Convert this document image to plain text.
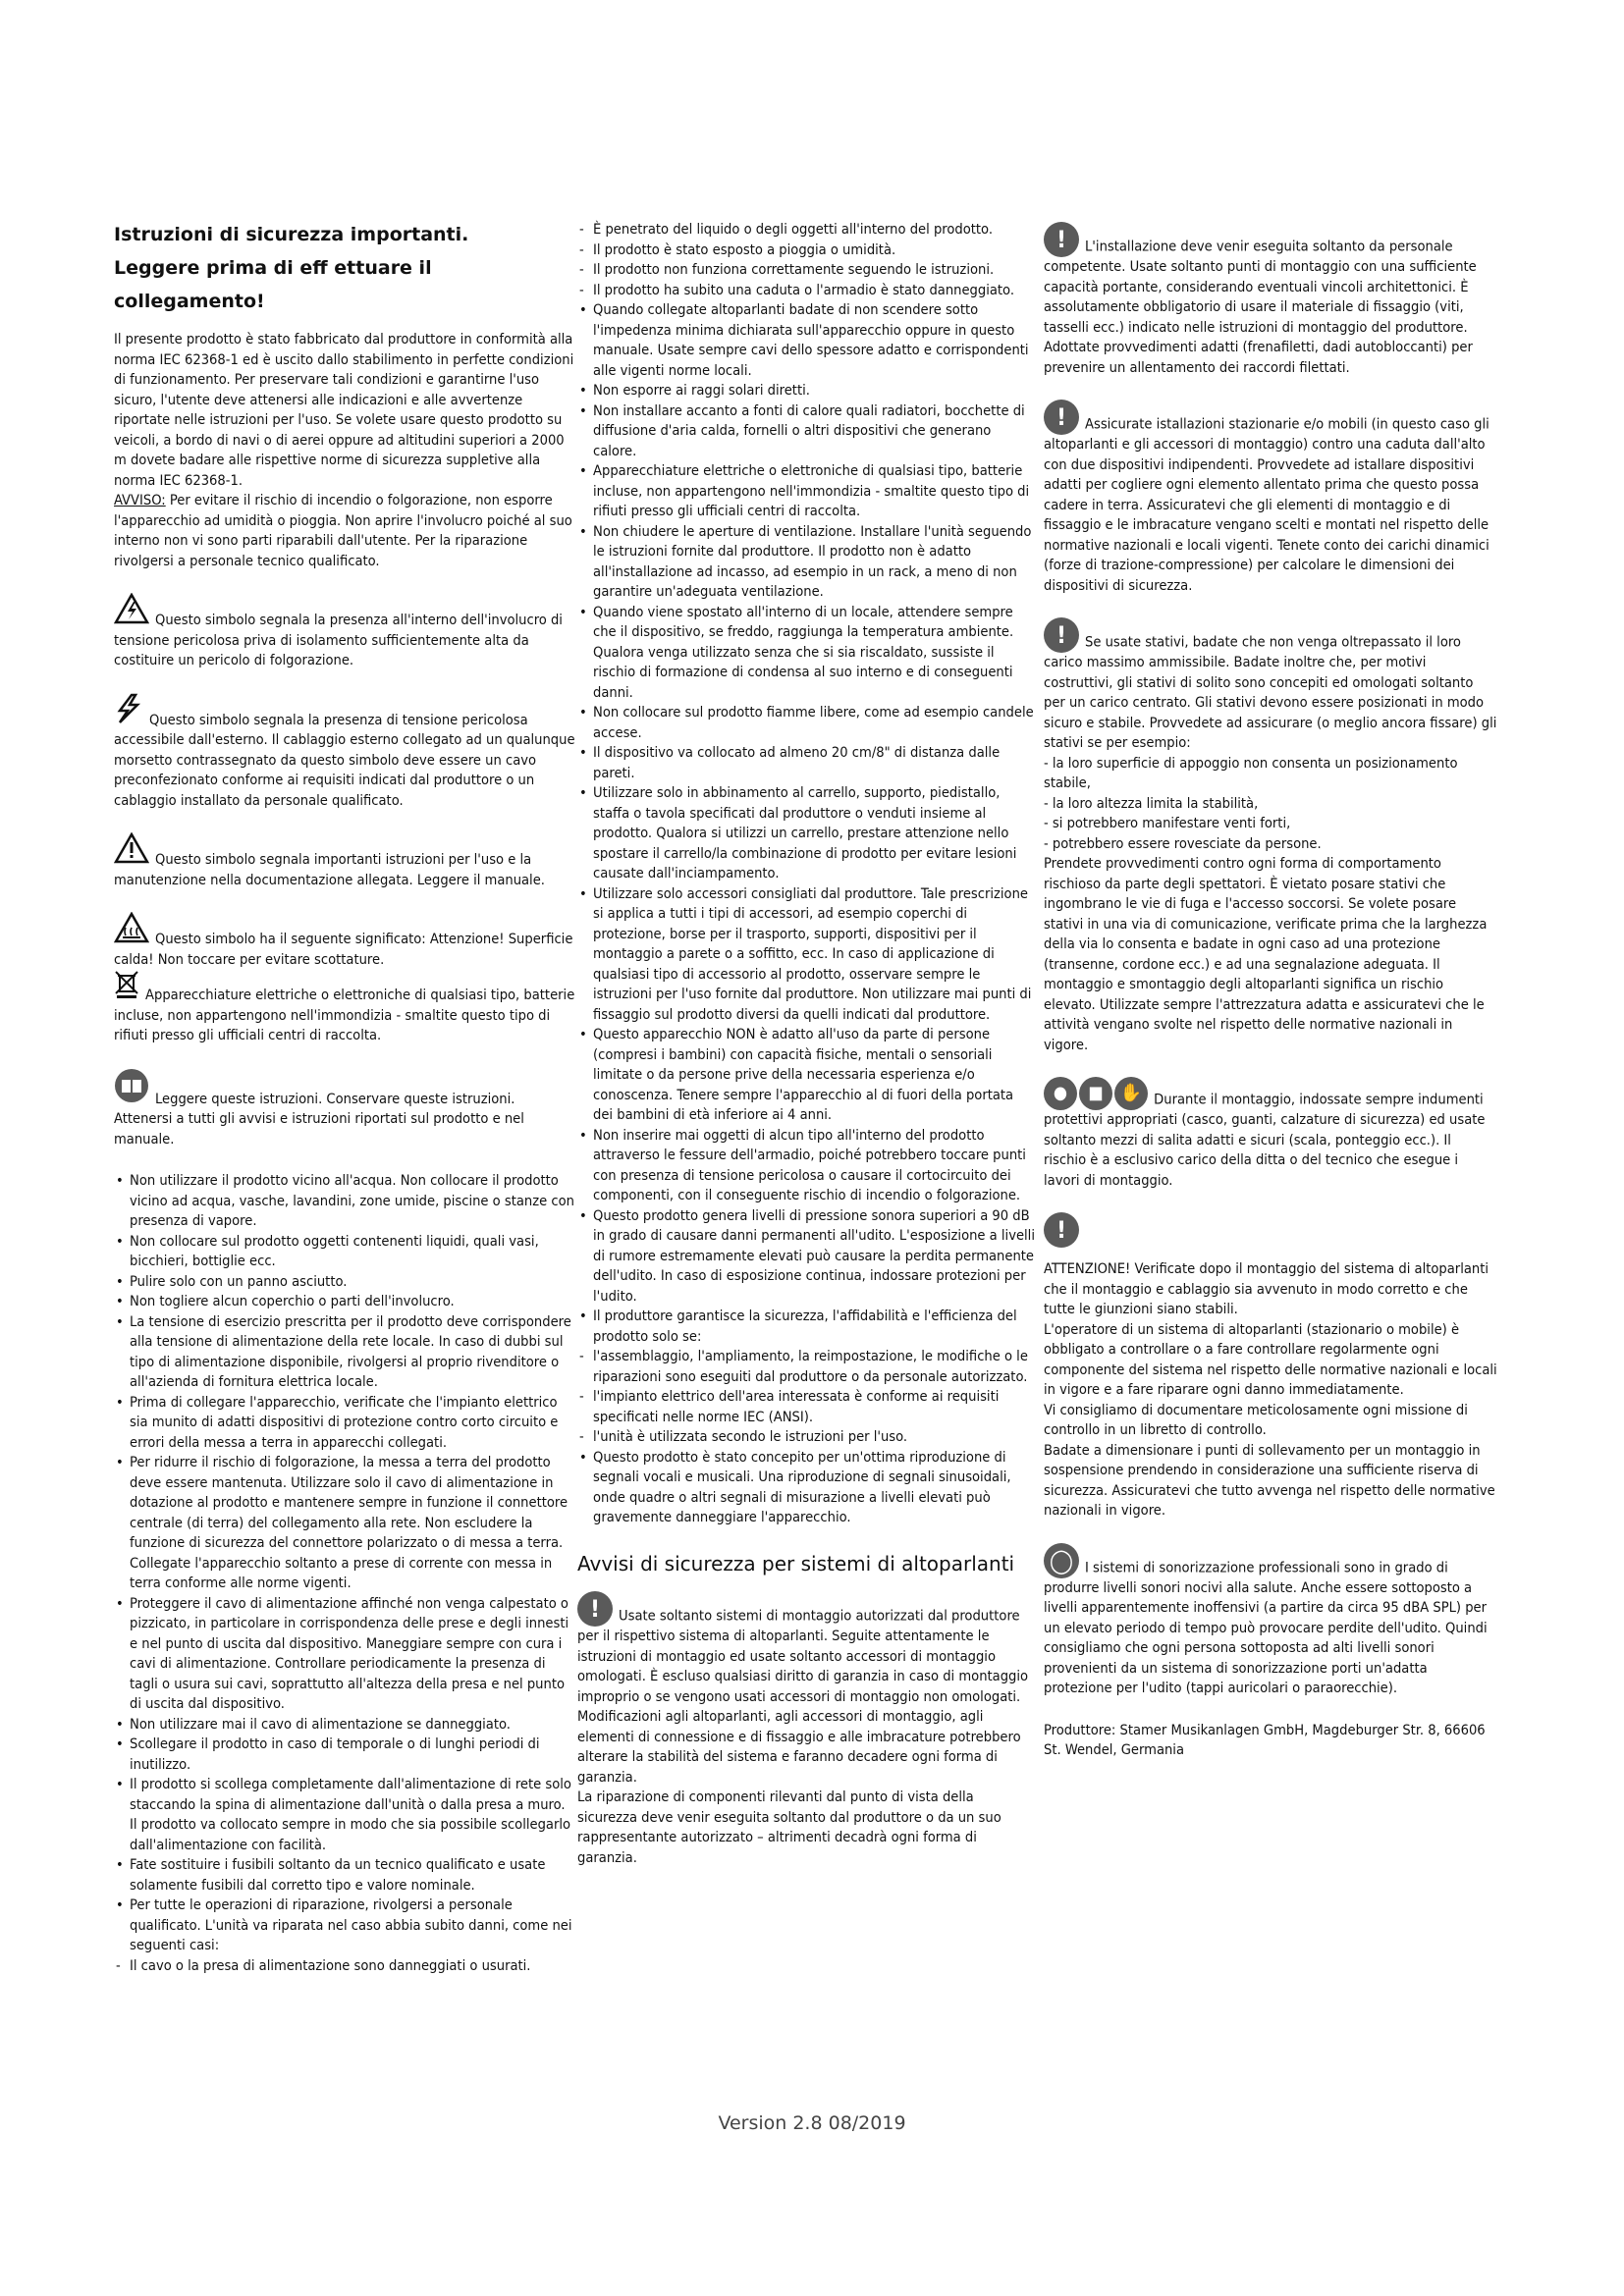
Istruzioni di sicurezza importanti.
Leggere prima di eff ettuare il collegamento!

Il presente prodotto è stato fabbricato dal produttore in conformità alla norma IEC 62368-1 ed è uscito dallo stabilimento in perfette condizioni di funzionamento. Per preservare tali condizioni e garantirne l'uso sicuro, l'utente deve attenersi alle indicazioni e alle avvertenze riportate nelle istruzioni per l'uso. Se volete usare questo prodotto su veicoli, a bordo di navi o di aerei oppure ad altitudini superiori a 2000 m dovete badare alle rispettive norme di sicurezza suppletive alla norma IEC 62368-1.

AVVISO: Per evitare il rischio di incendio o folgorazione, non esporre l'apparecchio ad umidità o pioggia. Non aprire l'involucro poiché al suo interno non vi sono parti riparabili dall'utente. Per la riparazione rivolgersi a personale tecnico qualificato.

Questo simbolo segnala la presenza all'interno dell'involucro di tensione pericolosa priva di isolamento sufficientemente alta da costituire un pericolo di folgorazione.

Questo simbolo segnala la presenza di tensione pericolosa accessibile dall'esterno. Il cablaggio esterno collegato ad un qualunque morsetto contrassegnato da questo simbolo deve essere un cavo preconfezionato conforme ai requisiti indicati dal produttore o un cablaggio installato da personale qualificato.

Questo simbolo segnala importanti istruzioni per l'uso e la manutenzione nella documentazione allegata. Leggere il manuale.

Questo simbolo ha il seguente significato: Attenzione! Superficie calda! Non toccare per evitare scottature.

Apparecchiature elettriche o elettroniche di qualsiasi tipo, batterie incluse, non appartengono nell'immondizia - smaltite questo tipo di rifiuti presso gli ufficiali centri di raccolta.

Leggere queste istruzioni. Conservare queste istruzioni. Attenersi a tutti gli avvisi e istruzioni riportati sul prodotto e nel manuale.

• Non utilizzare il prodotto vicino all'acqua. Non collocare il prodotto vicino ad acqua, vasche, lavandini, zone umide, piscine o stanze con presenza di vapore.
• Non collocare sul prodotto oggetti contenenti liquidi, quali vasi, bicchieri, bottiglie ecc.
• Pulire solo con un panno asciutto.
• Non togliere alcun coperchio o parti dell'involucro.
• La tensione di esercizio prescritta per il prodotto deve corrispondere alla tensione di alimentazione della rete locale. In caso di dubbi sul tipo di alimentazione disponibile, rivolgersi al proprio rivenditore o all'azienda di fornitura elettrica locale.
• Prima di collegare l'apparecchio, verificate che l'impianto elettrico sia munito di adatti dispositivi di protezione contro corto circuito e errori della messa a terra in apparecchi collegati.
• Per ridurre il rischio di folgorazione, la messa a terra del prodotto deve essere mantenuta. Utilizzare solo il cavo di alimentazione in dotazione al prodotto e mantenere sempre in funzione il connettore centrale (di terra) del collegamento alla rete. Non escludere la funzione di sicurezza del connettore polarizzato o di messa a terra. Collegate l'apparecchio soltanto a prese di corrente con messa in terra conforme alle norme vigenti.
• Proteggere il cavo di alimentazione affinché non venga calpestato o pizzicato, in particolare in corrispondenza delle prese e degli innesti e nel punto di uscita dal dispositivo. Maneggiare sempre con cura i cavi di alimentazione. Controllare periodicamente la presenza di tagli o usura sui cavi, soprattutto all'altezza della presa e nel punto di uscita dal dispositivo.
• Non utilizzare mai il cavo di alimentazione se danneggiato.
• Scollegare il prodotto in caso di temporale o di lunghi periodi di inutilizzo.
• Il prodotto si scollega completamente dall'alimentazione di rete solo staccando la spina di alimentazione dall'unità o dalla presa a muro. Il prodotto va collocato sempre in modo che sia possibile scollegarlo dall'alimentazione con facilità.
• Fate sostituire i fusibili soltanto da un tecnico qualificato e usate solamente fusibili dal corretto tipo e valore nominale.
• Per tutte le operazioni di riparazione, rivolgersi a personale qualificato. L'unità va riparata nel caso abbia subito danni, come nei seguenti casi:
- Il cavo o la presa di alimentazione sono danneggiati o usurati.
- È penetrato del liquido o degli oggetti all'interno del prodotto.
- Il prodotto è stato esposto a pioggia o umidità.
- Il prodotto non funziona correttamente seguendo le istruzioni.
- Il prodotto ha subito una caduta o l'armadio è stato danneggiato.
• Quando collegate altoparlanti badate di non scendere sotto l'impedenza minima dichiarata sull'apparecchio oppure in questo manuale. Usate sempre cavi dello spessore adatto e corrispondenti alle vigenti norme locali.
• Non esporre ai raggi solari diretti.
• Non installare accanto a fonti di calore quali radiatori, bocchette di diffusione d'aria calda, fornelli o altri dispositivi che generano calore.
• Apparecchiature elettriche o elettroniche di qualsiasi tipo, batterie incluse, non appartengono nell'immondizia - smaltite questo tipo di rifiuti presso gli ufficiali centri di raccolta.
• Non chiudere le aperture di ventilazione. Installare l'unità seguendo le istruzioni fornite dal produttore. Il prodotto non è adatto all'installazione ad incasso, ad esempio in un rack, a meno di non garantire un'adeguata ventilazione.
• Quando viene spostato all'interno di un locale, attendere sempre che il dispositivo, se freddo, raggiunga la temperatura ambiente. Qualora venga utilizzato senza che si sia riscaldato, sussiste il rischio di formazione di condensa al suo interno e di conseguenti danni.
• Non collocare sul prodotto fiamme libere, come ad esempio candele accese.
• Il dispositivo va collocato ad almeno 20 cm/8" di distanza dalle pareti.
• Utilizzare solo in abbinamento al carrello, supporto, piedistallo, staffa o tavola specificati dal produttore o venduti insieme al prodotto. Qualora si utilizzi un carrello, prestare attenzione nello spostare il carrello/la combinazione di prodotto per evitare lesioni causate dall'inciampamento.
• Utilizzare solo accessori consigliati dal produttore. Tale prescrizione si applica a tutti i tipi di accessori, ad esempio coperchi di protezione, borse per il trasporto, supporti, dispositivi per il montaggio a parete o a soffitto, ecc. In caso di applicazione di qualsiasi tipo di accessorio al prodotto, osservare sempre le istruzioni per l'uso fornite dal produttore. Non utilizzare mai punti di fissaggio sul prodotto diversi da quelli indicati dal produttore.
• Questo apparecchio NON è adatto all'uso da parte di persone (compresi i bambini) con capacità fisiche, mentali o sensoriali limitate o da persone prive della necessaria esperienza e/o conoscenza. Tenere sempre l'apparecchio al di fuori della portata dei bambini di età inferiore ai 4 anni.
• Non inserire mai oggetti di alcun tipo all'interno del prodotto attraverso le fessure dell'armadio, poiché potrebbero toccare punti con presenza di tensione pericolosa o causare il cortocircuito dei componenti, con il conseguente rischio di incendio o folgorazione.
• Questo prodotto genera livelli di pressione sonora superiori a 90 dB in grado di causare danni permanenti all'udito. L'esposizione a livelli di rumore estremamente elevati può causare la perdita permanente dell'udito. In caso di esposizione continua, indossare protezioni per l'udito.
• Il produttore garantisce la sicurezza, l'affidabilità e l'efficienza del prodotto solo se:
- l'assemblaggio, l'ampliamento, la reimpostazione, le modifiche o le riparazioni sono eseguiti dal produttore o da personale autorizzato.
- l'impianto elettrico dell'area interessata è conforme ai requisiti specificati nelle norme IEC (ANSI).
- l'unità è utilizzata secondo le istruzioni per l'uso.
• Questo prodotto è stato concepito per un'ottima riproduzione di segnali vocali e musicali. Una riproduzione di segnali sinusoidali, onde quadre o altri segnali di misurazione a livelli elevati può gravemente danneggiare l'apparecchio.
Avvisi di sicurezza per sistemi di altoparlanti

! Usate soltanto sistemi di montaggio autorizzati dal produttore per il rispettivo sistema di altoparlanti. Seguite attentamente le istruzioni di montaggio ed usate soltanto accessori di montaggio omologati. È escluso qualsiasi diritto di garanzia in caso di montaggio improprio o se vengono usati accessori di montaggio non omologati. Modificazioni agli altoparlanti, agli accessori di montaggio, agli elementi di connessione e di fissaggio e alle imbracature potrebbero alterare la stabilità del sistema e faranno decadere ogni forma di garanzia.

La riparazione di componenti rilevanti dal punto di vista della sicurezza deve venir eseguita soltanto dal produttore o da un suo rappresentante autorizzato – altrimenti decadrà ogni forma di garanzia.

! L'installazione deve venir eseguita soltanto da personale competente. Usate soltanto punti di montaggio con una sufficiente capacità portante, considerando eventuali vincoli architettonici. È assolutamente obbligatorio di usare il materiale di fissaggio (viti, tasselli ecc.) indicato nelle istruzioni di montaggio del produttore. Adottate provvedimenti adatti (frenafiletti, dadi autobloccanti) per prevenire un allentamento dei raccordi filettati.

! Assicurate istallazioni stazionarie e/o mobili (in questo caso gli altoparlanti e gli accessori di montaggio) contro una caduta dall'alto con due dispositivi indipendenti. Provvedete ad istallare dispositivi adatti per cogliere ogni elemento allentato prima che questo possa cadere in terra. Assicuratevi che gli elementi di montaggio e di fissaggio e le imbracature vengano scelti e montati nel rispetto delle normative nazionali e locali vigenti. Tenete conto dei carichi dinamici (forze di trazione-compressione) per calcolare le dimensioni dei dispositivi di sicurezza.

! Se usate stativi, badate che non venga oltrepassato il loro carico massimo ammissibile. Badate inoltre che, per motivi costruttivi, gli stativi di solito sono concepiti ed omologati soltanto per un carico centrato. Gli stativi devono essere posizionati in modo sicuro e stabile. Provvedete ad assicurare (o meglio ancora fissare) gli stativi se per esempio:

- la loro superficie di appoggio non consenta un posizionamento stabile,

- la loro altezza limita la stabilità,

- si potrebbero manifestare venti forti,

- potrebbero essere rovesciate da persone.

Prendete provvedimenti contro ogni forma di comportamento rischioso da parte degli spettatori. È vietato posare stativi che ingombrano le vie di fuga e l'accesso soccorsi. Se volete posare stativi in una via di comunicazione, verificate prima che la larghezza della via lo consenta e badate in ogni caso ad una protezione (transenne, cordone ecc.) e ad una segnalazione adeguata. Il montaggio e smontaggio degli altoparlanti significa un rischio elevato. Utilizzate sempre l'attrezzatura adatta e assicuratevi che le attività vengano svolte nel rispetto delle normative nazionali in vigore.

● ■ ✋ Durante il montaggio, indossate sempre indumenti protettivi appropriati (casco, guanti, calzature di sicurezza) ed usate soltanto mezzi di salita adatti e sicuri (scala, ponteggio ecc.). Il rischio è a esclusivo carico della ditta o del tecnico che esegue i lavori di montaggio.

!

ATTENZIONE! Verificate dopo il montaggio del sistema di altoparlanti che il montaggio e cablaggio sia avvenuto in modo corretto e che tutte le giunzioni siano stabili.

L'operatore di un sistema di altoparlanti (stazionario o mobile) è obbligato a controllare o a fare controllare regolarmente ogni componente del sistema nel rispetto delle normative nazionali e locali in vigore e a fare riparare ogni danno immediatamente.

Vi consigliamo di documentare meticolosamente ogni missione di controllo in un libretto di controllo.

Badate a dimensionare i punti di sollevamento per un montaggio in sospensione prendendo in considerazione una sufficiente riserva di sicurezza. Assicuratevi che tutto avvenga nel rispetto delle normative nazionali in vigore.

◯ I sistemi di sonorizzazione professionali sono in grado di produrre livelli sonori nocivi alla salute. Anche essere sottoposto a livelli apparentemente inoffensivi (a partire da circa 95 dBA SPL) per un elevato periodo di tempo può provocare perdite dell'udito. Quindi consigliamo che ogni persona sottoposta ad alti livelli sonori provenienti da un sistema di sonorizzazione porti un'adatta protezione per l'udito (tappi auricolari o paraorecchie).

Produttore: Stamer Musikanlagen GmbH, Magdeburger Str. 8, 66606 St. Wendel, Germania

Version 2.8 08/2019
